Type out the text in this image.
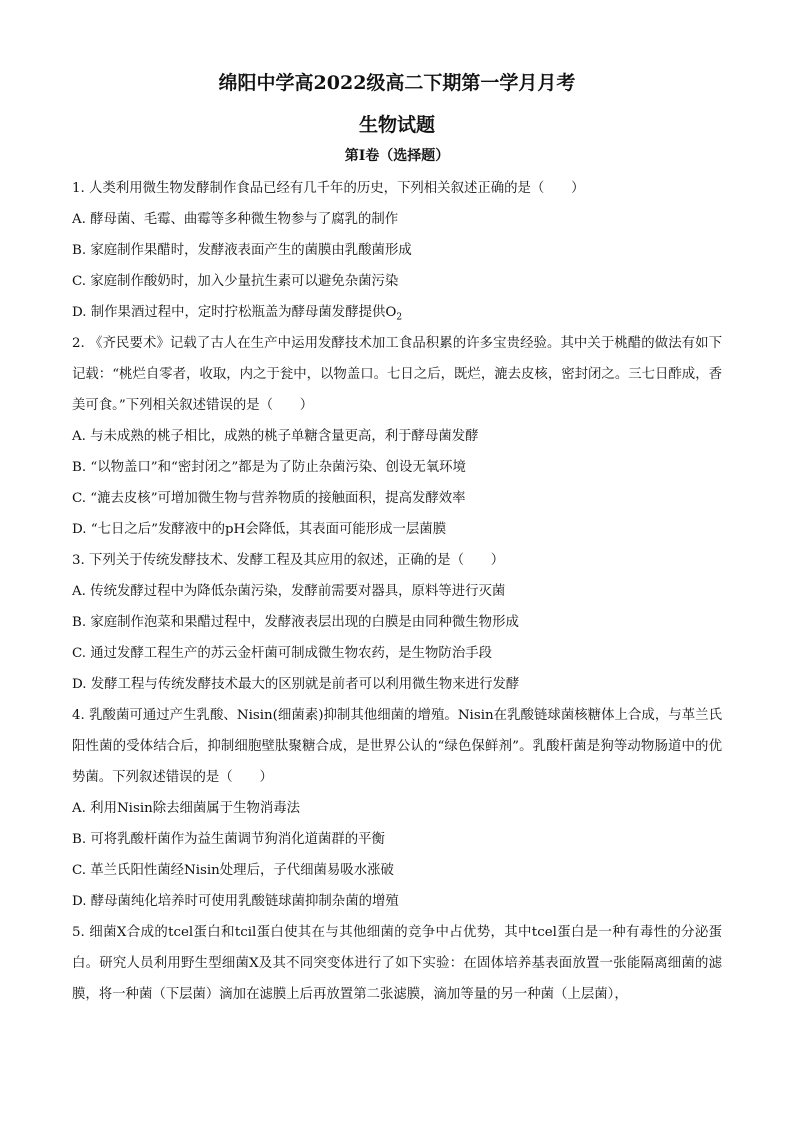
绵阳中学高2022级高二下期第一学月月考
生物试题
第Ⅰ卷（选择题）

1. 人类利用微生物发酵制作食品已经有几千年的历史，下列相关叙述正确的是（　　）

A. 酵母菌、毛霉、曲霉等多种微生物参与了腐乳的制作

B. 家庭制作果醋时，发酵液表面产生的菌膜由乳酸菌形成

C. 家庭制作酸奶时，加入少量抗生素可以避免杂菌污染

D. 制作果酒过程中，定时拧松瓶盖为酵母菌发酵提供$O_2$

2. 《齐民要术》记载了古人在生产中运用发酵技术加工食品积累的许多宝贵经验。其中关于桃醋的做法有如下记载：“桃烂自零者，收取，内之于瓮中，以物盖口。七日之后，既烂，漉去皮核，密封闭之。三七日酢成，香美可食。”下列相关叙述错误的是（　　）

A. 与未成熟的桃子相比，成熟的桃子单糖含量更高，利于酵母菌发酵

B. “以物盖口”和“密封闭之”都是为了防止杂菌污染、创设无氧环境

C. “漉去皮核”可增加微生物与营养物质的接触面积，提高发酵效率

D. “七日之后”发酵液中的pH会降低，其表面可能形成一层菌膜

3. 下列关于传统发酵技术、发酵工程及其应用的叙述，正确的是（　　）

A. 传统发酵过程中为降低杂菌污染，发酵前需要对器具，原料等进行灭菌

B. 家庭制作泡菜和果醋过程中，发酵液表层出现的白膜是由同种微生物形成

C. 通过发酵工程生产的苏云金杆菌可制成微生物农药，是生物防治手段

D. 发酵工程与传统发酵技术最大的区别就是前者可以利用微生物来进行发酵

4. 乳酸菌可通过产生乳酸、Nisin(细菌素)抑制其他细菌的增殖。Nisin在乳酸链球菌核糖体上合成，与革兰氏阳性菌的受体结合后，抑制细胞壁肽聚糖合成，是世界公认的“绿色保鲜剂”。乳酸杆菌是狗等动物肠道中的优势菌。下列叙述错误的是（　　）

A. 利用Nisin除去细菌属于生物消毒法

B. 可将乳酸杆菌作为益生菌调节狗消化道菌群的平衡

C. 革兰氏阳性菌经Nisin处理后，子代细菌易吸水涨破

D. 酵母菌纯化培养时可使用乳酸链球菌抑制杂菌的增殖

5. 细菌X合成的tcel蛋白和tcil蛋白使其在与其他细菌的竞争中占优势，其中tcel蛋白是一种有毒性的分泌蛋白。研究人员利用野生型细菌X及其不同突变体进行了如下实验：在固体培养基表面放置一张能隔离细菌的滤膜，将一种菌（下层菌）滴加在滤膜上后再放置第二张滤膜，滴加等量的另一种菌（上层菌），
